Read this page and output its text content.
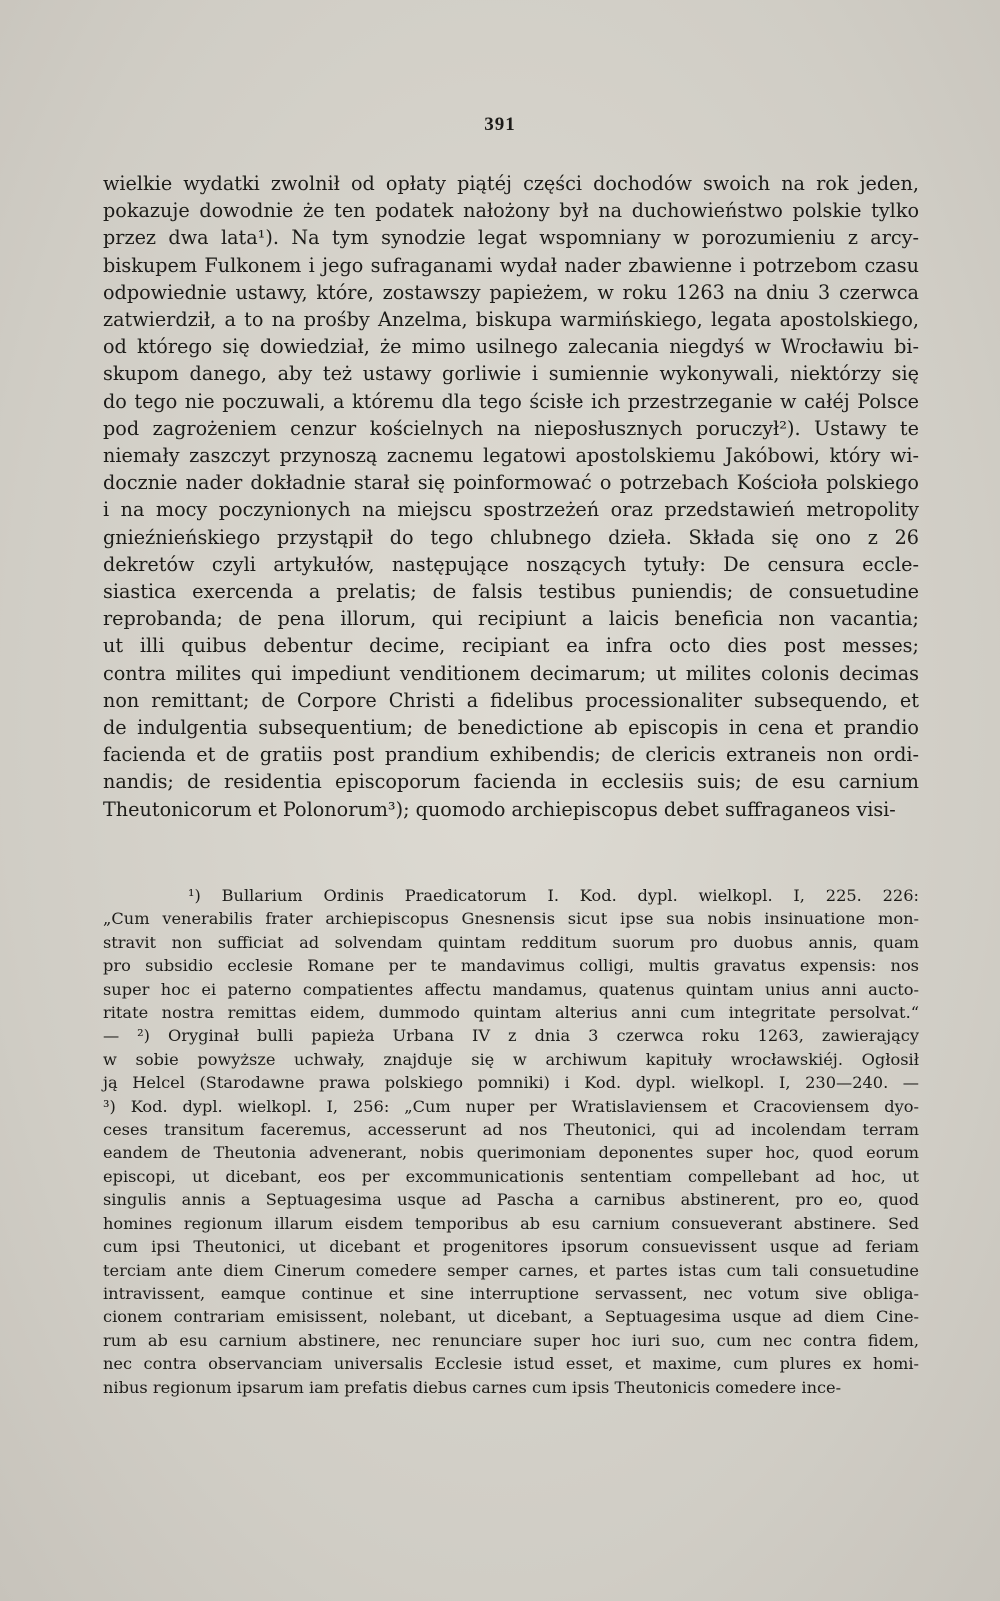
391
wielkie wydatki zwolnił od opłaty piątéj części dochodów swoich na rok jeden,
pokazuje dowodnie że ten podatek nałożony był na duchowieństwo polskie tylko
przez dwa lata¹). Na tym synodzie legat wspomniany w porozumieniu z arcy-
biskupem Fulkonem i jego sufraganami wydał nader zbawienne i potrzebom czasu
odpowiednie ustawy, które, zostawszy papieżem, w roku 1263 na dniu 3 czerwca
zatwierdził, a to na prośby Anzelma, biskupa warmińskiego, legata apostolskiego,
od którego się dowiedział, że mimo usilnego zalecania niegdyś w Wrocławiu bi-
skupom danego, aby też ustawy gorliwie i sumiennie wykonywali, niektórzy się
do tego nie poczuwali, a któremu dla tego ścisłe ich przestrzeganie w całéj Polsce
pod zagrożeniem cenzur kościelnych na nieposłusznych poruczył²). Ustawy te
niemały zaszczyt przynoszą zacnemu legatowi apostolskiemu Jakóbowi, który wi-
docznie nader dokładnie starał się poinformować o potrzebach Kościoła polskiego
i na mocy poczynionych na miejscu spostrzeżeń oraz przedstawień metropolity
gnieźnieńskiego przystąpił do tego chlubnego dzieła. Składa się ono z 26
dekretów czyli artykułów, następujące noszących tytuły: De censura eccle-
siastica exercenda a prelatis; de falsis testibus puniendis; de consuetudine
reprobanda; de pena illorum, qui recipiunt a laicis beneficia non vacantia;
ut illi quibus debentur decime, recipiant ea infra octo dies post messes;
contra milites qui impediunt venditionem decimarum; ut milites colonis decimas
non remittant; de Corpore Christi a fidelibus processionaliter subsequendo, et
de indulgentia subsequentium; de benedictione ab episcopis in cena et prandio
facienda et de gratiis post prandium exhibendis; de clericis extraneis non ordi-
nandis; de residentia episcoporum facienda in ecclesiis suis; de esu carnium
Theutonicorum et Polonorum³); quomodo archiepiscopus debet suffraganeos visi-
¹) Bullarium Ordinis Praedicatorum I. Kod. dypl. wielkopl. I, 225. 226:
„Cum venerabilis frater archiepiscopus Gnesnensis sicut ipse sua nobis insinuatione mon-
stravit non sufficiat ad solvendam quintam redditum suorum pro duobus annis, quam
pro subsidio ecclesie Romane per te mandavimus colligi, multis gravatus expensis: nos
super hoc ei paterno compatientes affectu mandamus, quatenus quintam unius anni aucto-
ritate nostra remittas eidem, dummodo quintam alterius anni cum integritate persolvat.“
— ²) Oryginał bulli papieża Urbana IV z dnia 3 czerwca roku 1263, zawierający
w sobie powyższe uchwały, znajduje się w archiwum kapituły wrocławskiéj. Ogłosił
ją Helcel (Starodawne prawa polskiego pomniki) i Kod. dypl. wielkopl. I, 230—240. —
³) Kod. dypl. wielkopl. I, 256: „Cum nuper per Wratislaviensem et Cracoviensem dyo-
ceses transitum faceremus, accesserunt ad nos Theutonici, qui ad incolendam terram
eandem de Theutonia advenerant, nobis querimoniam deponentes super hoc, quod eorum
episcopi, ut dicebant, eos per excommunicationis sententiam compellebant ad hoc, ut
singulis annis a Septuagesima usque ad Pascha a carnibus abstinerent, pro eo, quod
homines regionum illarum eisdem temporibus ab esu carnium consueverant abstinere. Sed
cum ipsi Theutonici, ut dicebant et progenitores ipsorum consuevissent usque ad feriam
terciam ante diem Cinerum comedere semper carnes, et partes istas cum tali consuetudine
intravissent, eamque continue et sine interruptione servassent, nec votum sive obliga-
cionem contrariam emisissent, nolebant, ut dicebant, a Septuagesima usque ad diem Cine-
rum ab esu carnium abstinere, nec renunciare super hoc iuri suo, cum nec contra fidem,
nec contra observanciam universalis Ecclesie istud esset, et maxime, cum plures ex homi-
nibus regionum ipsarum iam prefatis diebus carnes cum ipsis Theutonicis comedere ince-
